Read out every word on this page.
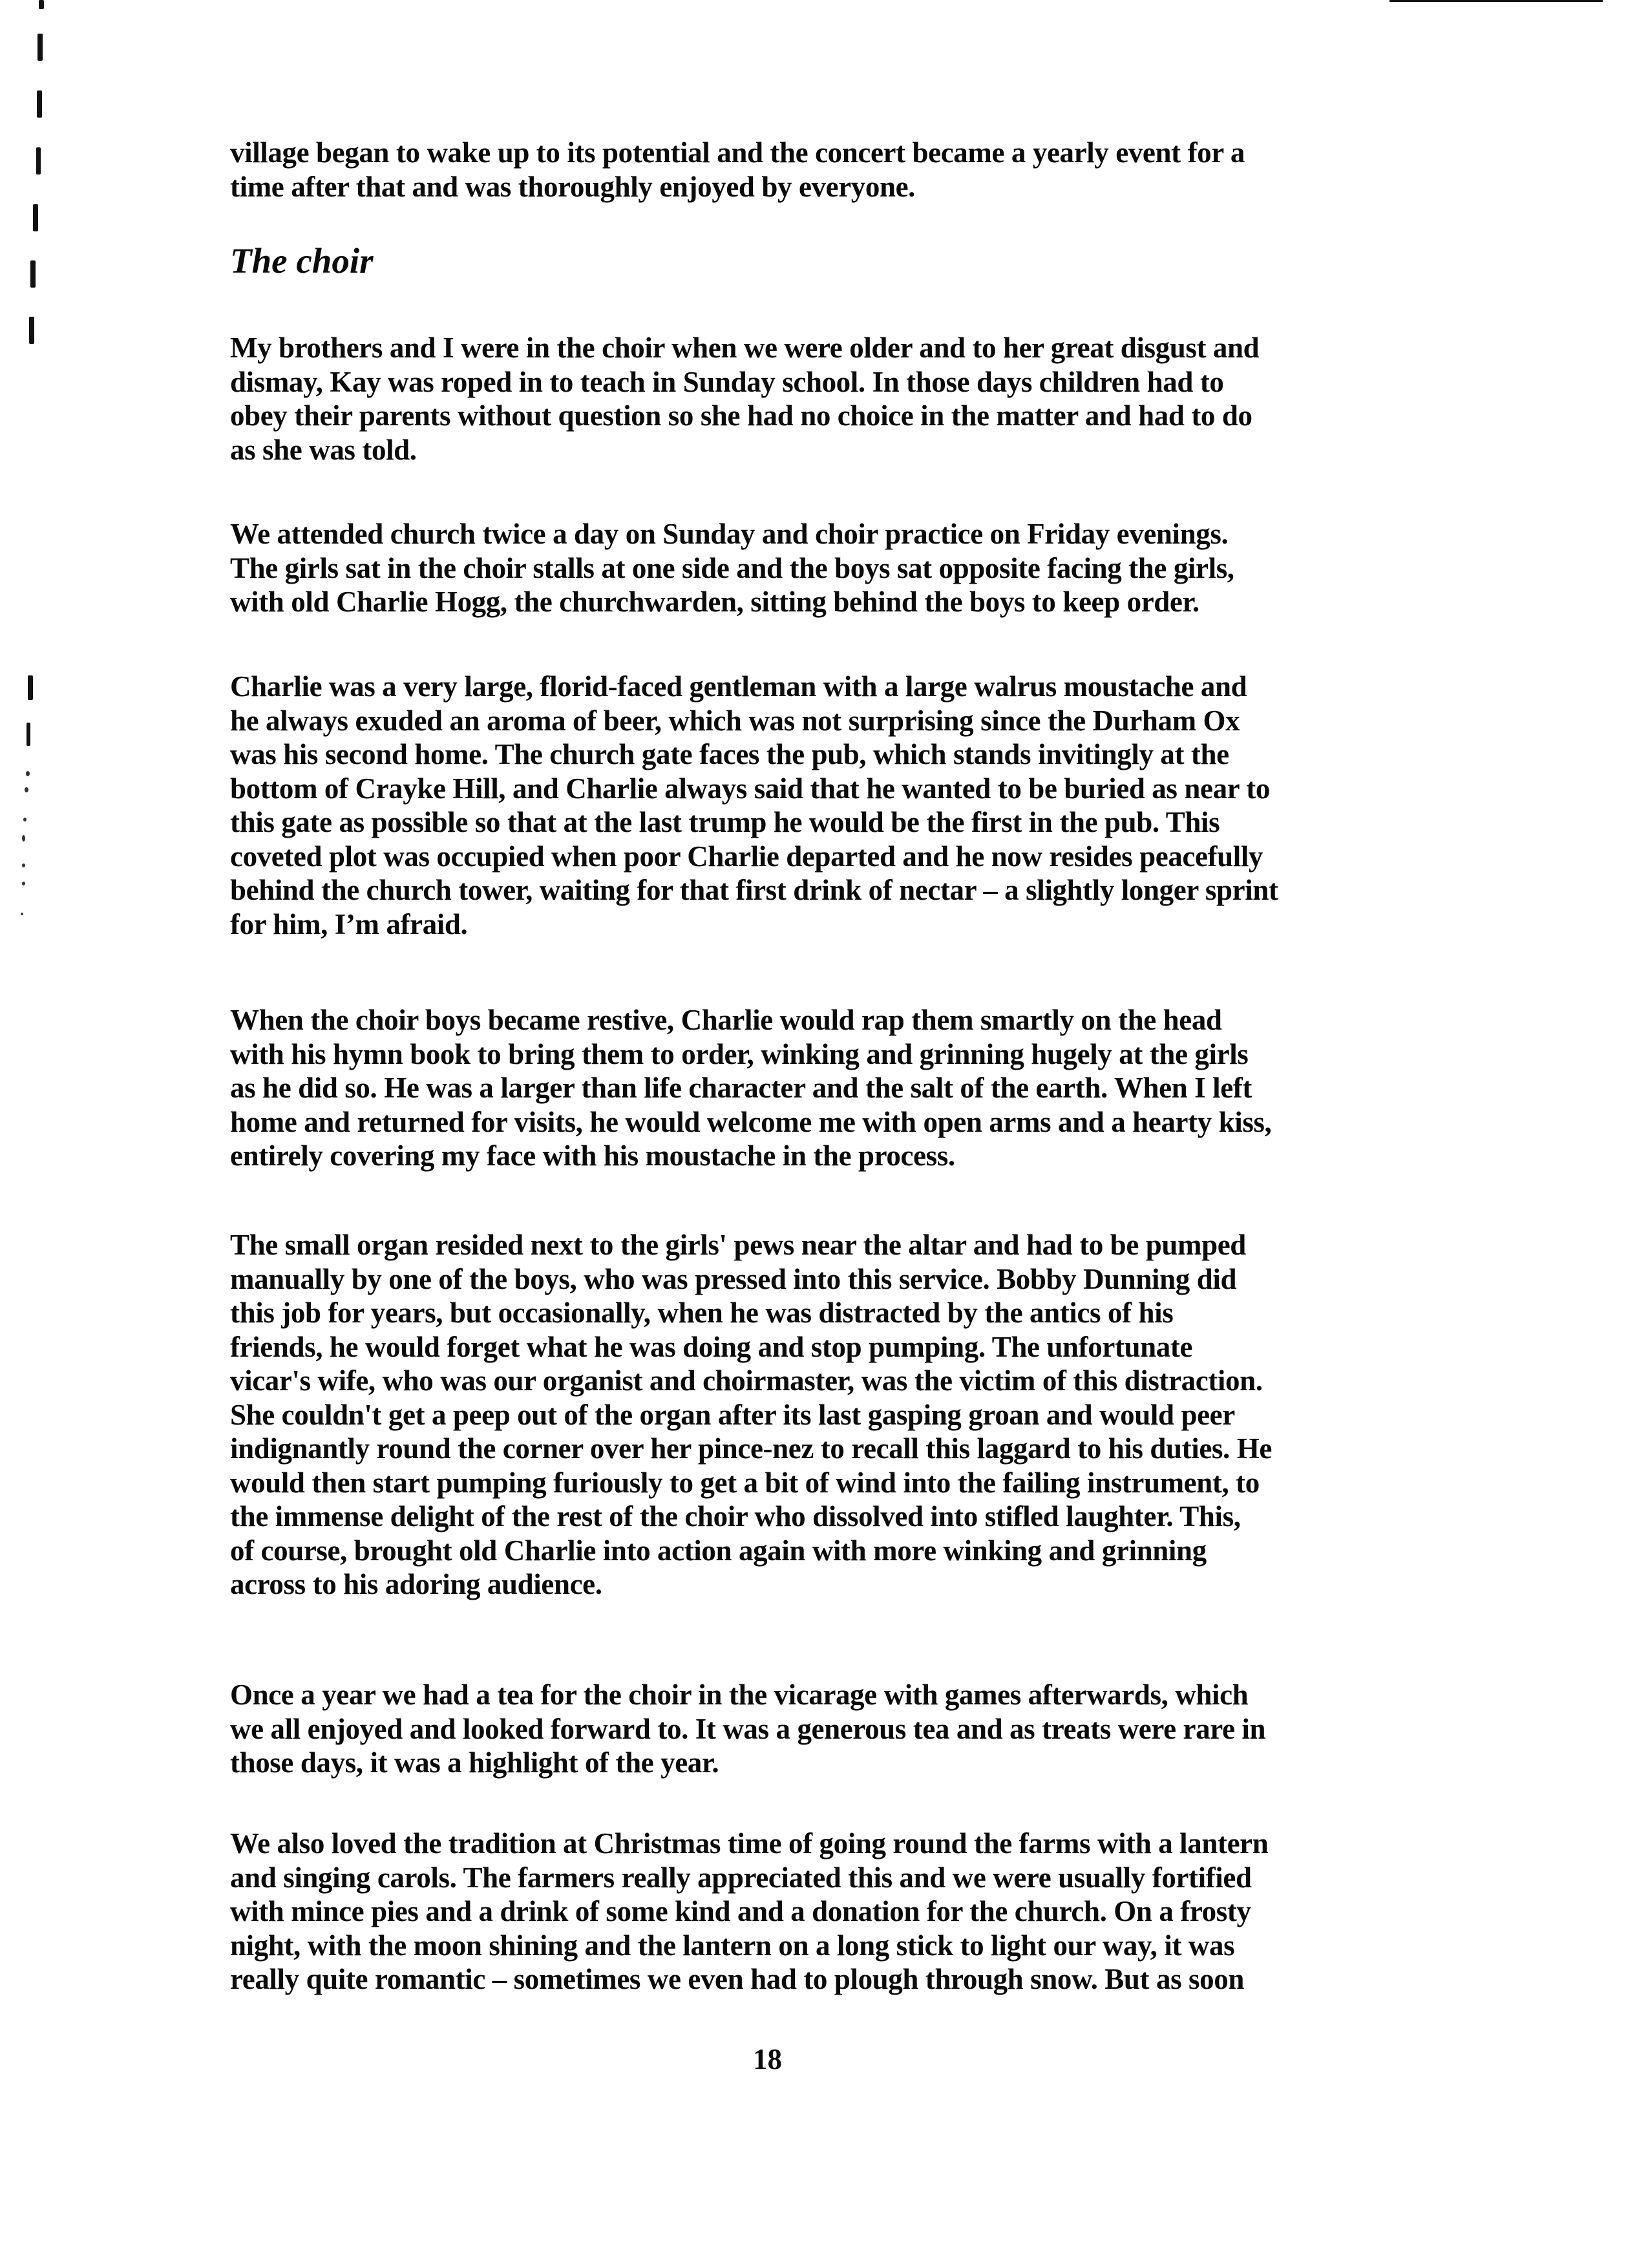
village began to wake up to its potential and the concert became a yearly event for a
time after that and was thoroughly enjoyed by everyone.
The choir
My brothers and I were in the choir when we were older and to her great disgust and
dismay, Kay was roped in to teach in Sunday school. In those days children had to
obey their parents without question so she had no choice in the matter and had to do
as she was told.
We attended church twice a day on Sunday and choir practice on Friday evenings.
The girls sat in the choir stalls at one side and the boys sat opposite facing the girls,
with old Charlie Hogg, the churchwarden, sitting behind the boys to keep order.
Charlie was a very large, florid-faced gentleman with a large walrus moustache and
he always exuded an aroma of beer, which was not surprising since the Durham Ox
was his second home. The church gate faces the pub, which stands invitingly at the
bottom of Crayke Hill, and Charlie always said that he wanted to be buried as near to
this gate as possible so that at the last trump he would be the first in the pub. This
coveted plot was occupied when poor Charlie departed and he now resides peacefully
behind the church tower, waiting for that first drink of nectar – a slightly longer sprint
for him, I’m afraid.
When the choir boys became restive, Charlie would rap them smartly on the head
with his hymn book to bring them to order, winking and grinning hugely at the girls
as he did so. He was a larger than life character and the salt of the earth. When I left
home and returned for visits, he would welcome me with open arms and a hearty kiss,
entirely covering my face with his moustache in the process.
The small organ resided next to the girls' pews near the altar and had to be pumped
manually by one of the boys, who was pressed into this service. Bobby Dunning did
this job for years, but occasionally, when he was distracted by the antics of his
friends, he would forget what he was doing and stop pumping. The unfortunate
vicar's wife, who was our organist and choirmaster, was the victim of this distraction.
She couldn't get a peep out of the organ after its last gasping groan and would peer
indignantly round the corner over her pince-nez to recall this laggard to his duties. He
would then start pumping furiously to get a bit of wind into the failing instrument, to
the immense delight of the rest of the choir who dissolved into stifled laughter. This,
of course, brought old Charlie into action again with more winking and grinning
across to his adoring audience.
Once a year we had a tea for the choir in the vicarage with games afterwards, which
we all enjoyed and looked forward to. It was a generous tea and as treats were rare in
those days, it was a highlight of the year.
We also loved the tradition at Christmas time of going round the farms with a lantern
and singing carols. The farmers really appreciated this and we were usually fortified
with mince pies and a drink of some kind and a donation for the church. On a frosty
night, with the moon shining and the lantern on a long stick to light our way, it was
really quite romantic – sometimes we even had to plough through snow. But as soon
18
